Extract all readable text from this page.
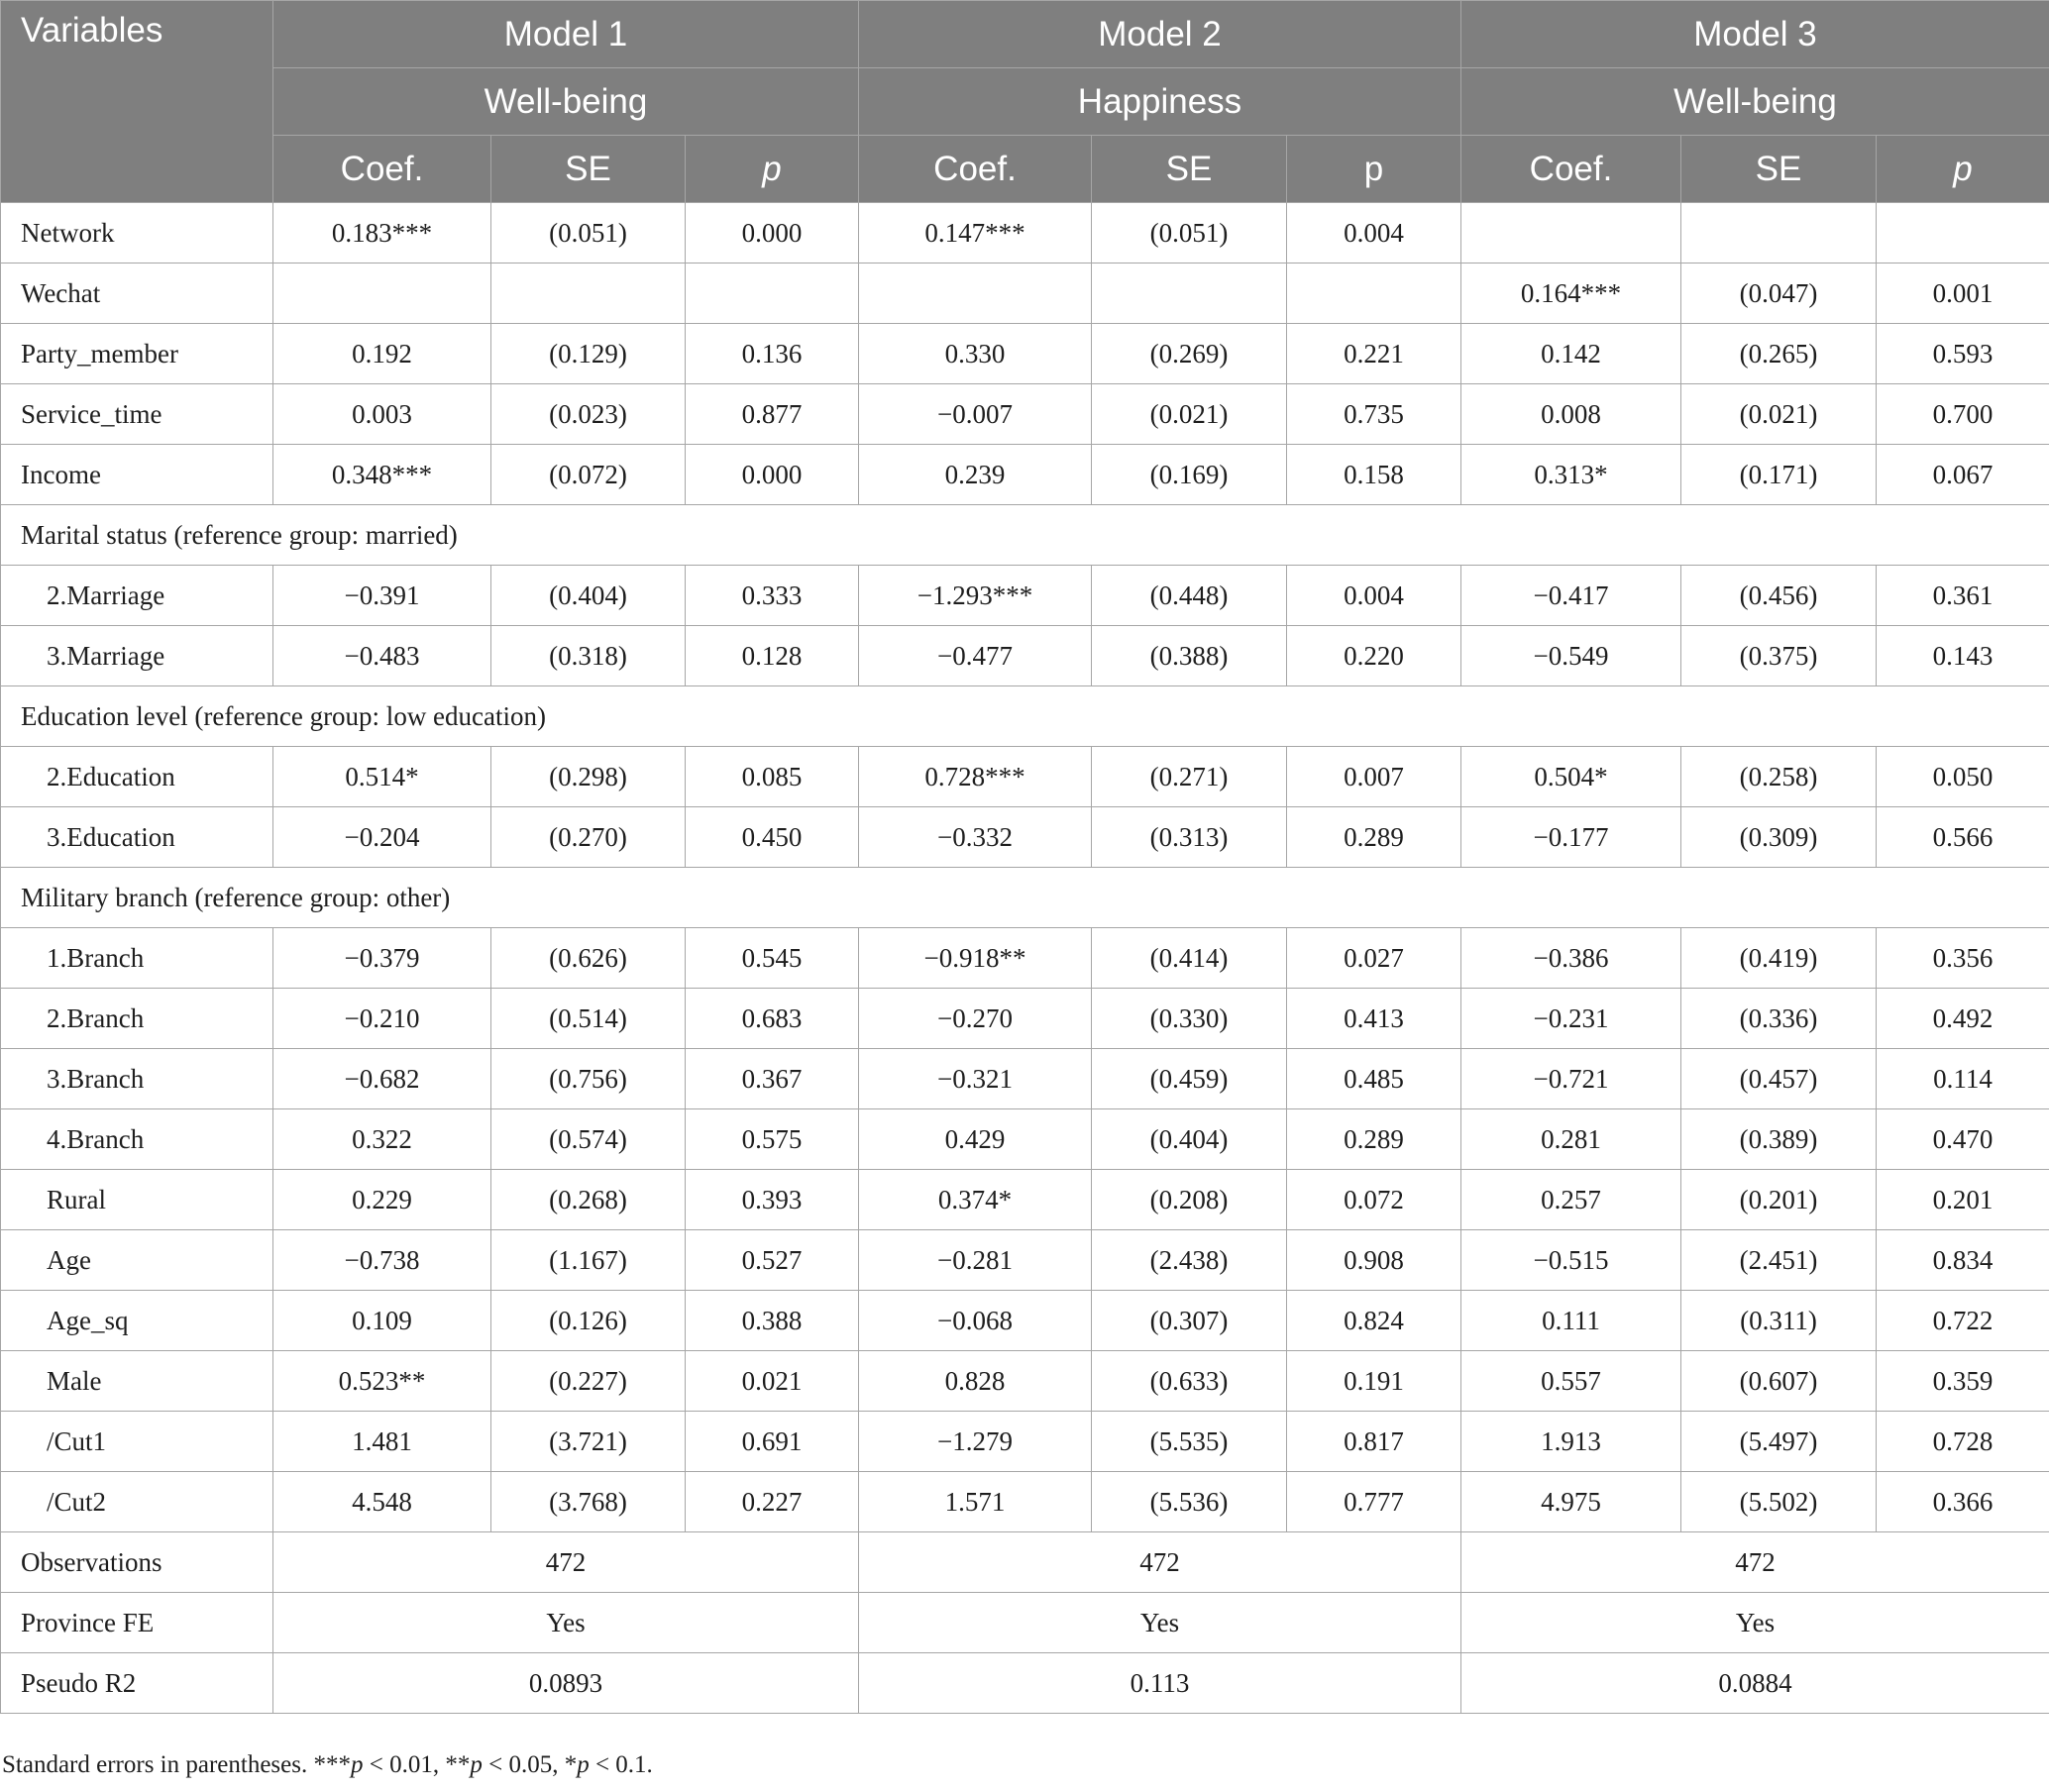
Variables	Model 1			Model 2			Model 3		
	Well-being			Happiness			Well-being		
	Coef.	SE	p	Coef.	SE	p	Coef.	SE	p
Network	0.183***	(0.051)	0.000	0.147***	(0.051)	0.004			
Wechat							0.164***	(0.047)	0.001
Party_member	0.192	(0.129)	0.136	0.330	(0.269)	0.221	0.142	(0.265)	0.593
Service_time	0.003	(0.023)	0.877	−0.007	(0.021)	0.735	0.008	(0.021)	0.700
Income	0.348***	(0.072)	0.000	0.239	(0.169)	0.158	0.313*	(0.171)	0.067
Marital status (reference group: married)									
2.Marriage	−0.391	(0.404)	0.333	−1.293***	(0.448)	0.004	−0.417	(0.456)	0.361
3.Marriage	−0.483	(0.318)	0.128	−0.477	(0.388)	0.220	−0.549	(0.375)	0.143
Education level (reference group: low education)									
2.Education	0.514*	(0.298)	0.085	0.728***	(0.271)	0.007	0.504*	(0.258)	0.050
3.Education	−0.204	(0.270)	0.450	−0.332	(0.313)	0.289	−0.177	(0.309)	0.566
Military branch (reference group: other)									
1.Branch	−0.379	(0.626)	0.545	−0.918**	(0.414)	0.027	−0.386	(0.419)	0.356
2.Branch	−0.210	(0.514)	0.683	−0.270	(0.330)	0.413	−0.231	(0.336)	0.492
3.Branch	−0.682	(0.756)	0.367	−0.321	(0.459)	0.485	−0.721	(0.457)	0.114
4.Branch	0.322	(0.574)	0.575	0.429	(0.404)	0.289	0.281	(0.389)	0.470
Rural	0.229	(0.268)	0.393	0.374*	(0.208)	0.072	0.257	(0.201)	0.201
Age	−0.738	(1.167)	0.527	−0.281	(2.438)	0.908	−0.515	(2.451)	0.834
Age_sq	0.109	(0.126)	0.388	−0.068	(0.307)	0.824	0.111	(0.311)	0.722
Male	0.523**	(0.227)	0.021	0.828	(0.633)	0.191	0.557	(0.607)	0.359
/Cut1	1.481	(3.721)	0.691	−1.279	(5.535)	0.817	1.913	(5.497)	0.728
/Cut2	4.548	(3.768)	0.227	1.571	(5.536)	0.777	4.975	(5.502)	0.366
Observations	472			472			472		
Province FE	Yes			Yes			Yes		
Pseudo R2	0.0893			0.113			0.0884		
Standard errors in parentheses. ***p < 0.01, **p < 0.05, *p < 0.1.
